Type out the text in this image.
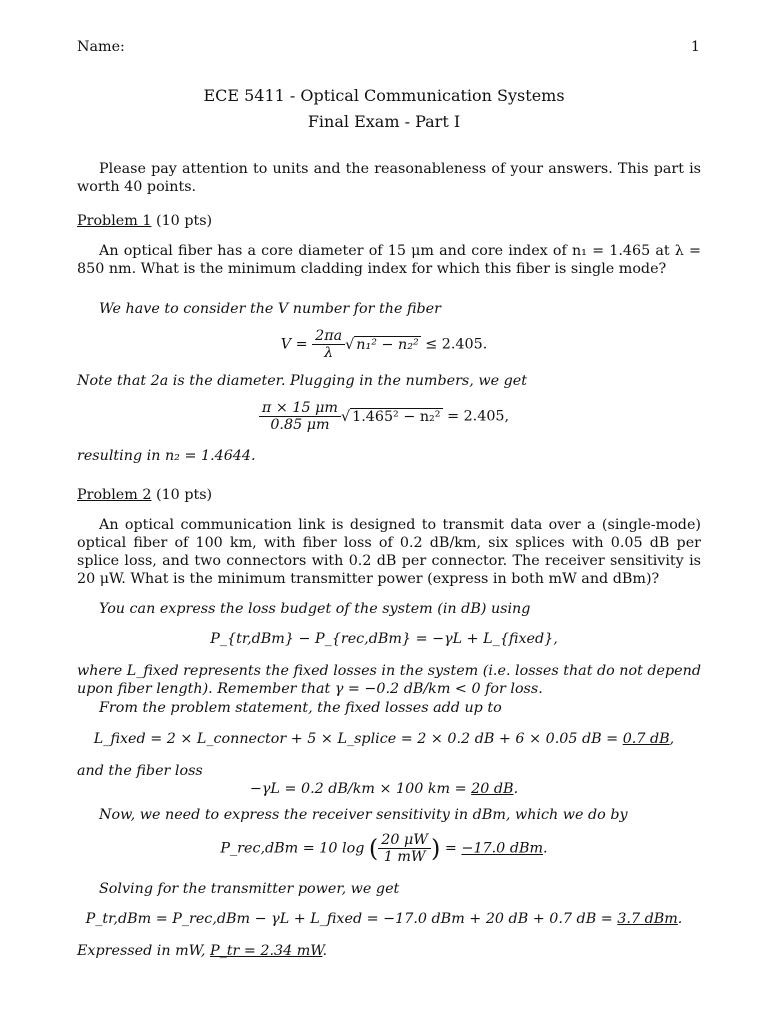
Name:	1
ECE 5411 - Optical Communication Systems
Final Exam - Part I
Please pay attention to units and the reasonableness of your answers. This part is worth 40 points.
Problem 1 (10 pts)
An optical fiber has a core diameter of 15 μm and core index of n₁ = 1.465 at λ = 850 nm. What is the minimum cladding index for which this fiber is single mode?
We have to consider the V number for the fiber
$V = \frac{2\pi a}{\lambda}$ √ n₁² − n₂² ≤ 2.405.
Note that 2a is the diameter. Plugging in the numbers, we get
$\frac{\pi \times 15 \mu m}{0.85 \mu m}$ √ 1.465² − n₂² = 2.405,
resulting in n₂ = 1.4644.
Problem 2 (10 pts)
An optical communication link is designed to transmit data over a (single-mode) optical fiber of 100 km, with fiber loss of 0.2 dB/km, six splices with 0.05 dB per splice loss, and two connectors with 0.2 dB per connector. The receiver sensitivity is 20 μW. What is the minimum transmitter power (express in both mW and dBm)?
You can express the loss budget of the system (in dB) using
P_{tr,dBm} − P_{rec,dBm} = −γL + L_{fixed},
where L_fixed represents the fixed losses in the system (i.e. losses that do not depend upon fiber length). Remember that γ = −0.2 dB/km < 0 for loss.
From the problem statement, the fixed losses add up to
L_fixed = 2 × L_connector + 5 × L_splice = 2 × 0.2 dB + 6 × 0.05 dB = 0.7 dB,
and the fiber loss
−γL = 0.2 dB/km × 100 km = 20 dB.
Now, we need to express the receiver sensitivity in dBm, which we do by
P_rec,dBm = 10 log ( $\frac{20 \mu W}{1 mW}$ ) = −17.0 dBm.
Solving for the transmitter power, we get
P_tr,dBm = P_rec,dBm − γL + L_fixed = −17.0 dBm + 20 dB + 0.7 dB = 3.7 dBm.
Expressed in mW, P_tr = 2.34 mW.
